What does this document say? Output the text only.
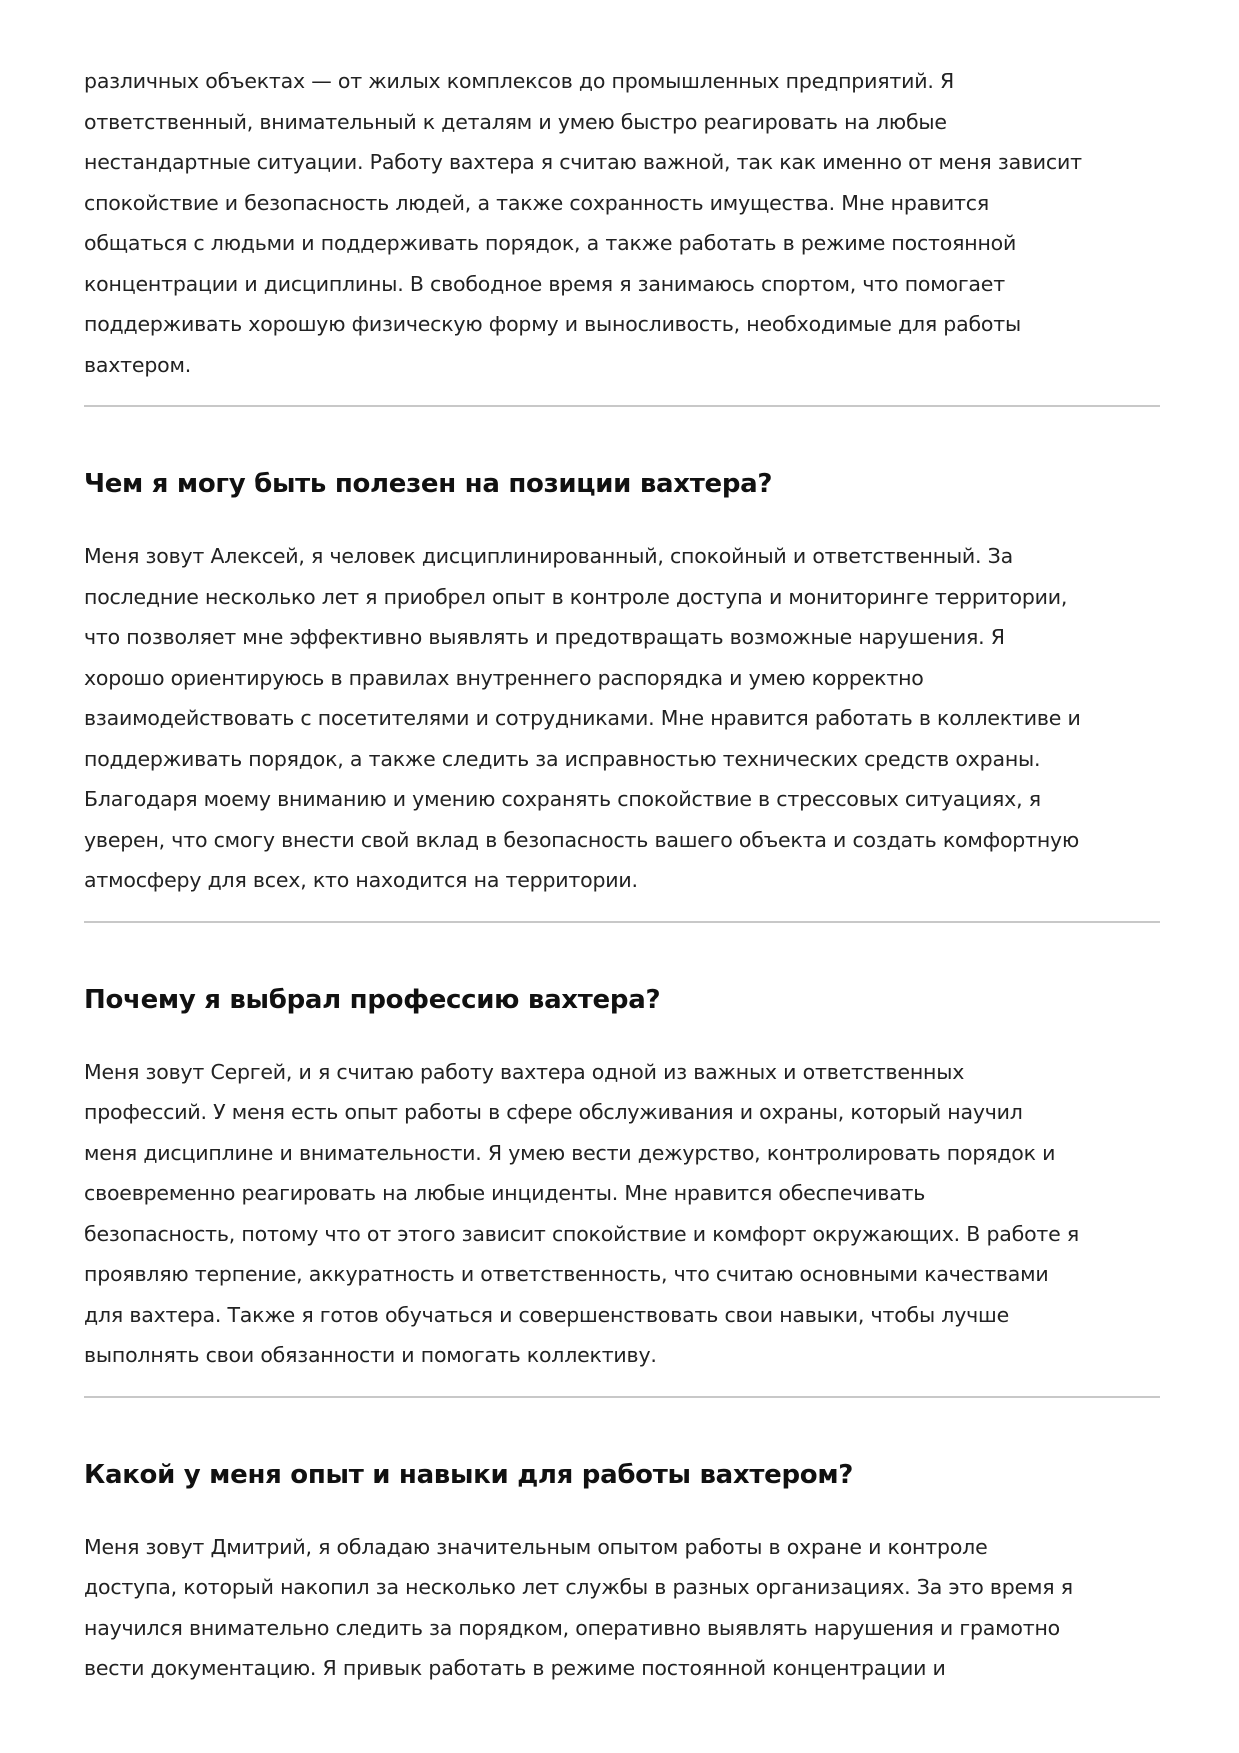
различных объектах — от жилых комплексов до промышленных предприятий. Я
ответственный, внимательный к деталям и умею быстро реагировать на любые
нестандартные ситуации. Работу вахтера я считаю важной, так как именно от меня зависит
спокойствие и безопасность людей, а также сохранность имущества. Мне нравится
общаться с людьми и поддерживать порядок, а также работать в режиме постоянной
концентрации и дисциплины. В свободное время я занимаюсь спортом, что помогает
поддерживать хорошую физическую форму и выносливость, необходимые для работы
вахтером.
Чем я могу быть полезен на позиции вахтера?
Меня зовут Алексей, я человек дисциплинированный, спокойный и ответственный. За
последние несколько лет я приобрел опыт в контроле доступа и мониторинге территории,
что позволяет мне эффективно выявлять и предотвращать возможные нарушения. Я
хорошо ориентируюсь в правилах внутреннего распорядка и умею корректно
взаимодействовать с посетителями и сотрудниками. Мне нравится работать в коллективе и
поддерживать порядок, а также следить за исправностью технических средств охраны.
Благодаря моему вниманию и умению сохранять спокойствие в стрессовых ситуациях, я
уверен, что смогу внести свой вклад в безопасность вашего объекта и создать комфортную
атмосферу для всех, кто находится на территории.
Почему я выбрал профессию вахтера?
Меня зовут Сергей, и я считаю работу вахтера одной из важных и ответственных
профессий. У меня есть опыт работы в сфере обслуживания и охраны, который научил
меня дисциплине и внимательности. Я умею вести дежурство, контролировать порядок и
своевременно реагировать на любые инциденты. Мне нравится обеспечивать
безопасность, потому что от этого зависит спокойствие и комфорт окружающих. В работе я
проявляю терпение, аккуратность и ответственность, что считаю основными качествами
для вахтера. Также я готов обучаться и совершенствовать свои навыки, чтобы лучше
выполнять свои обязанности и помогать коллективу.
Какой у меня опыт и навыки для работы вахтером?
Меня зовут Дмитрий, я обладаю значительным опытом работы в охране и контроле
доступа, который накопил за несколько лет службы в разных организациях. За это время я
научился внимательно следить за порядком, оперативно выявлять нарушения и грамотно
вести документацию. Я привык работать в режиме постоянной концентрации и
